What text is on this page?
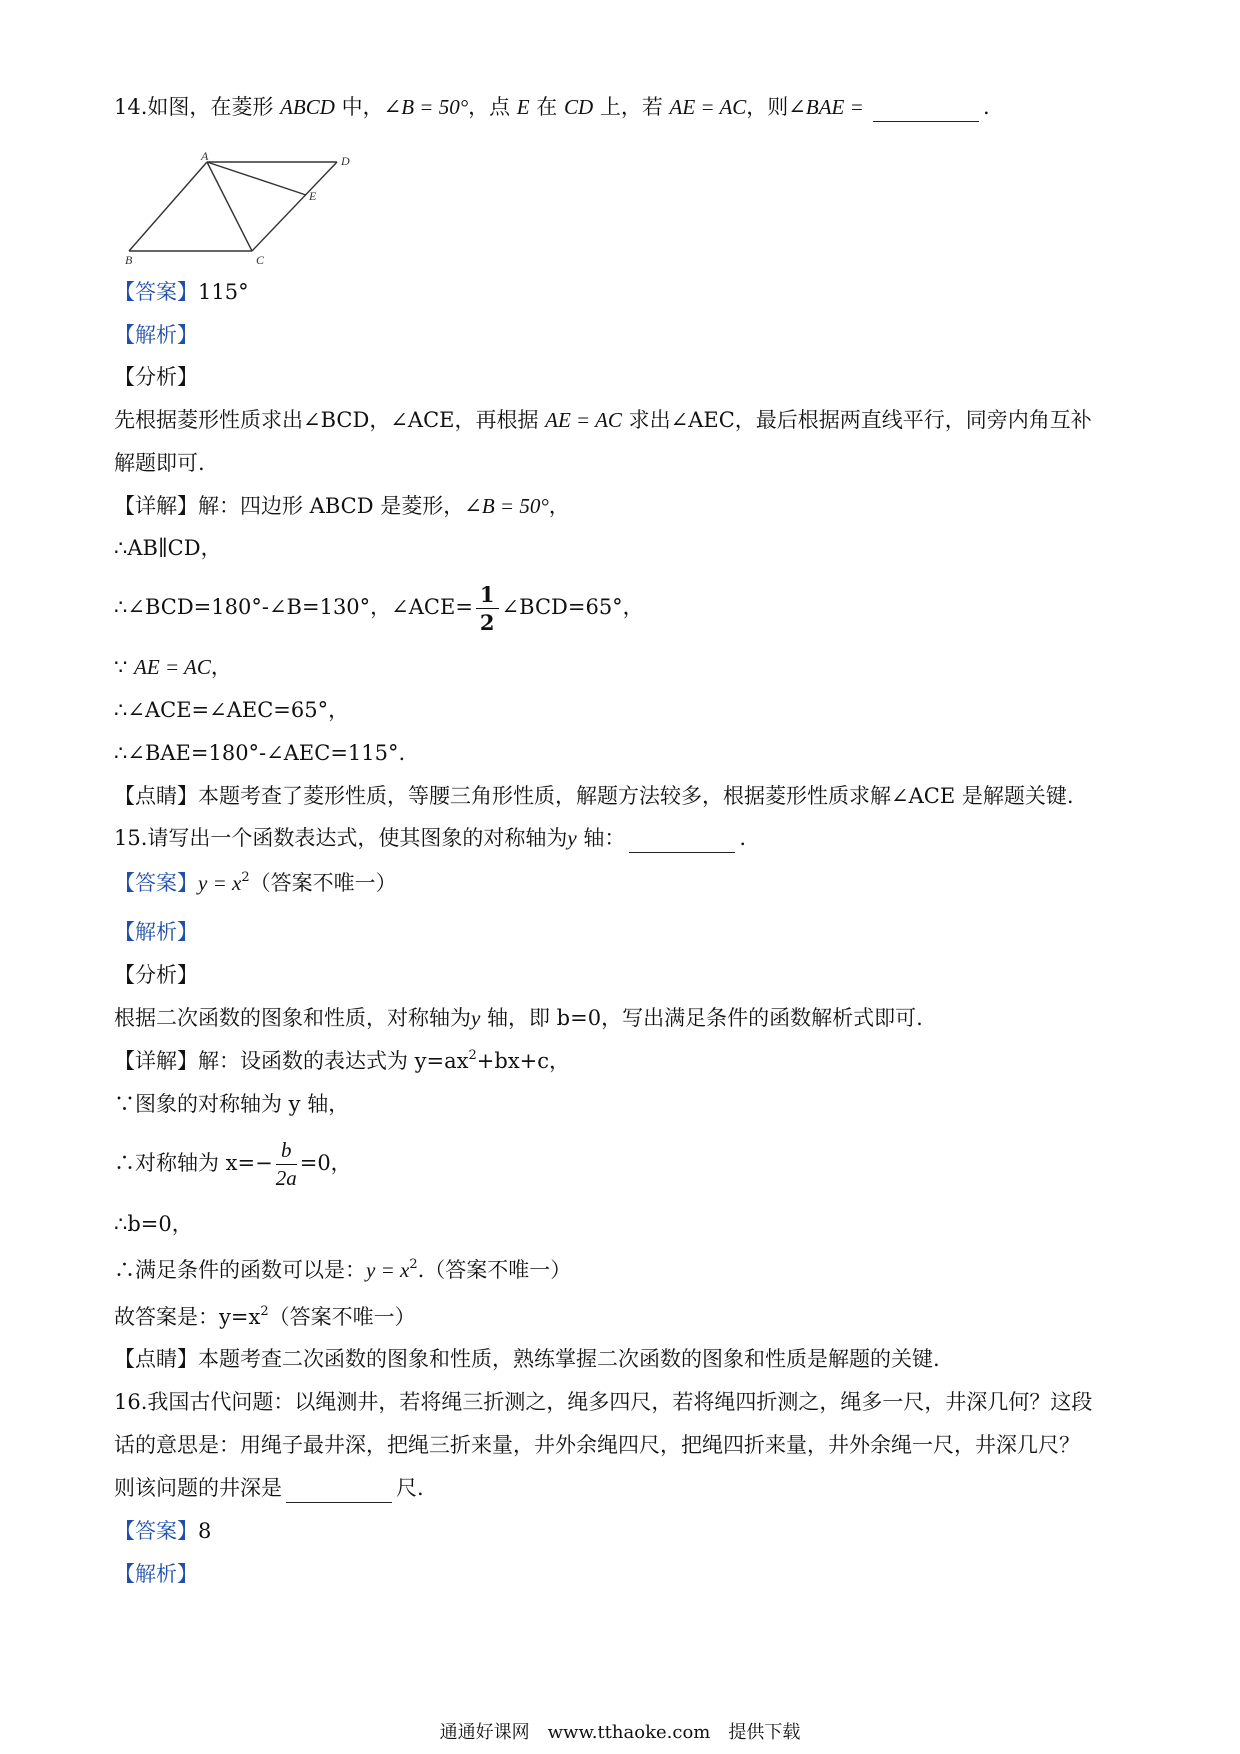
14.如图，在菱形 ABCD 中，∠B = 50°，点 E 在 CD 上，若 AE = AC，则∠BAE =	.
A	D
E
B	C
【答案】115°
【解析】
【分析】
先根据菱形性质求出∠BCD，∠ACE，再根据 AE = AC 求出∠AEC，最后根据两直线平行，同旁内角互补
解题即可.
【详解】解：四边形 ABCD 是菱形，∠B = 50°，
∴AB∥CD，
∴∠BCD=180°-∠B=130°，∠ACE= $\frac{1}{2}$ ∠BCD=65°，
∵ AE = AC，
∴∠ACE=∠AEC=65°，
∴∠BAE=180°-∠AEC=115°.
【点睛】本题考查了菱形性质，等腰三角形性质，解题方法较多，根据菱形性质求解∠ACE 是解题关键.
15.请写出一个函数表达式，使其图象的对称轴为y 轴：	.
【答案】$y = x^2$（答案不唯一）
【解析】
【分析】
根据二次函数的图象和性质，对称轴为y 轴，即 b=0，写出满足条件的函数解析式即可.
【详解】解：设函数的表达式为 $y=ax^2+bx+c$，
∵图象的对称轴为 y 轴，
∴对称轴为 $x=- \frac{b}{2a} =0$，
∴b=0，
∴满足条件的函数可以是：$y = x^2$.（答案不唯一）
故答案是：$y=x^2$（答案不唯一）
【点睛】本题考查二次函数的图象和性质，熟练掌握二次函数的图象和性质是解题的关键.
16.我国古代问题：以绳测井，若将绳三折测之，绳多四尺，若将绳四折测之，绳多一尺，井深几何？这段
话的意思是：用绳子最井深，把绳三折来量，井外余绳四尺，把绳四折来量，井外余绳一尺，井深几尺？
则该问题的井深是	尺.
【答案】8
【解析】
通通好课网　www.tthaoke.com　提供下载
